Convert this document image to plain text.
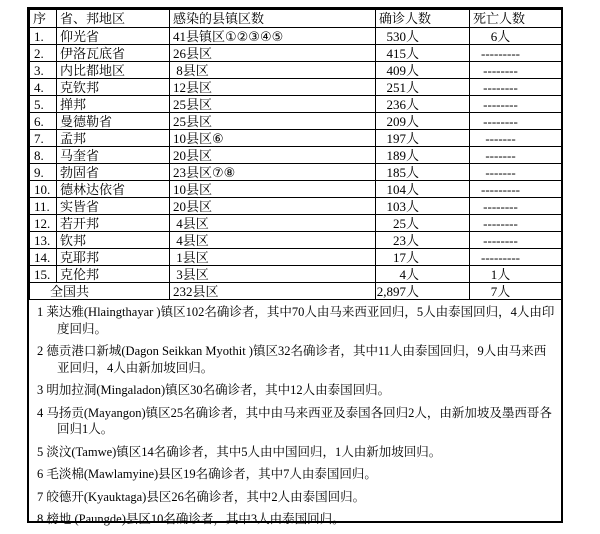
序	省、邦地区	感染的县镇区数	确诊人数	死亡人数
1.	仰光省	41县镇区①②③④⑤	530人	6人
2.	伊洛瓦底省	26县区	415人	---------
3.	内比都地区	8县区	409人	--------
4.	克钦邦	12县区	251人	--------
5.	掸邦	25县区	236人	--------
6.	曼德勒省	25县区	209人	--------
7.	孟邦	10县区⑥	197人	-------
8.	马奎省	20县区	189人	-------
9.	勃固省	23县区⑦⑧	185人	-------
10.	德林达依省	10县区	104人	---------
11.	实皆省	20县区	103人	--------
12.	若开邦	4县区	25人	--------
13.	钦邦	4县区	23人	--------
14.	克耶邦	1县区	17人	---------
15.	克伦邦	3县区	4人	1人
全国共		232县区	2,897人	7人

1 莱达雅(Hlaingthayar )镇区102名确诊者，其中70人由马来西亚回归，5人由泰国回归，4人由印度回归。

2 德贡港口新城(Dagon Seikkan Myothit )镇区32名确诊者，其中11人由泰国回归，9人由马来西亚回归，4人由新加坡回归。

3 明加拉洞(Mingaladon)镇区30名确诊者，其中12人由泰国回归。

4 马扬贡(Mayangon)镇区25名确诊者，其中由马来西亚及泰国各回归2人，由新加坡及墨西哥各回归1人。

5 淡汶(Tamwe)镇区14名确诊者，其中5人由中国回归，1人由新加坡回归。

6 毛淡棉(Mawlamyine)县区19名确诊者，其中7人由泰国回归。

7 皎德开(Kyauktaga)县区26名确诊者，其中2人由泰国回归。

8 榜地 (Paungde)县区10名确诊者，其中3人由泰国回归。
